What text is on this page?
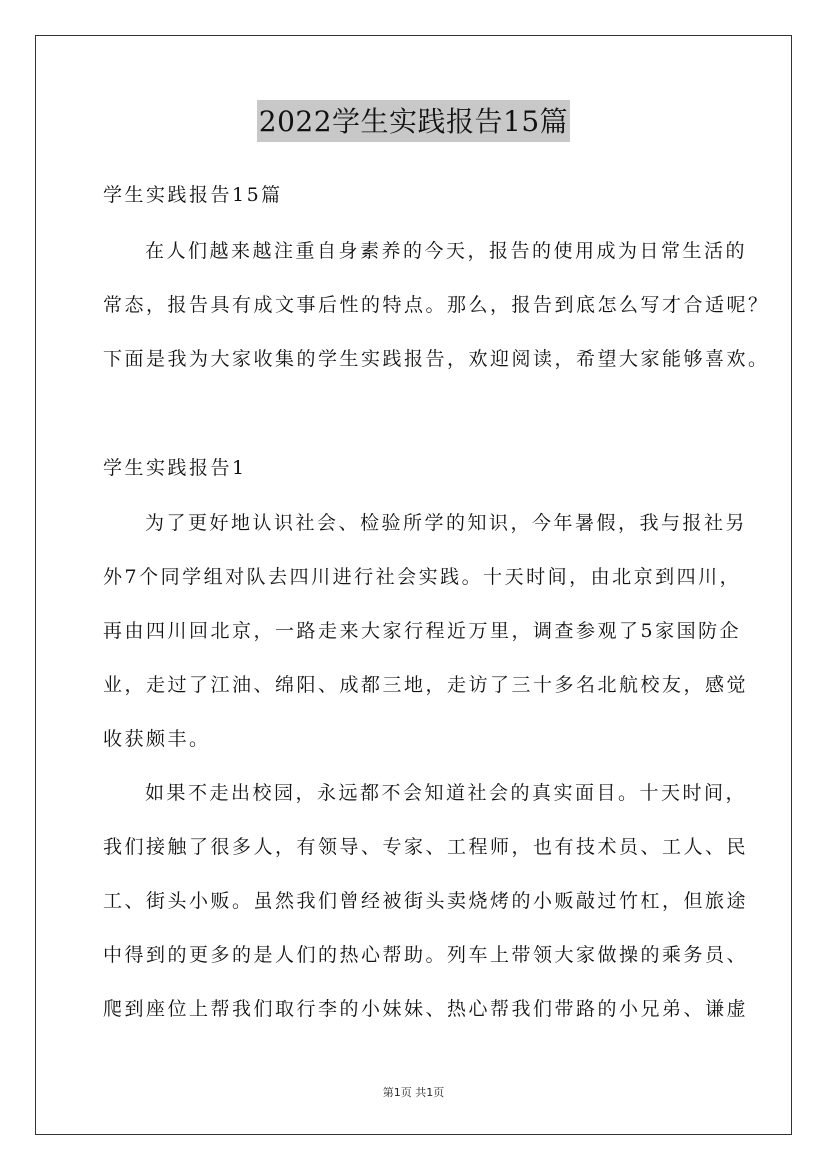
2022学生实践报告15篇
学生实践报告15篇
在人们越来越注重自身素养的今天，报告的使用成为日常生活的
常态，报告具有成文事后性的特点。那么，报告到底怎么写才合适呢？
下面是我为大家收集的学生实践报告，欢迎阅读，希望大家能够喜欢。
学生实践报告1
为了更好地认识社会、检验所学的知识，今年暑假，我与报社另
外7个同学组对队去四川进行社会实践。十天时间，由北京到四川，
再由四川回北京，一路走来大家行程近万里，调查参观了5家国防企
业，走过了江油、绵阳、成都三地，走访了三十多名北航校友，感觉
收获颇丰。
如果不走出校园，永远都不会知道社会的真实面目。十天时间，
我们接触了很多人，有领导、专家、工程师，也有技术员、工人、民
工、街头小贩。虽然我们曾经被街头卖烧烤的小贩敲过竹杠，但旅途
中得到的更多的是人们的热心帮助。列车上带领大家做操的乘务员、
爬到座位上帮我们取行李的小妹妹、热心帮我们带路的小兄弟、谦虚
第1页 共1页
